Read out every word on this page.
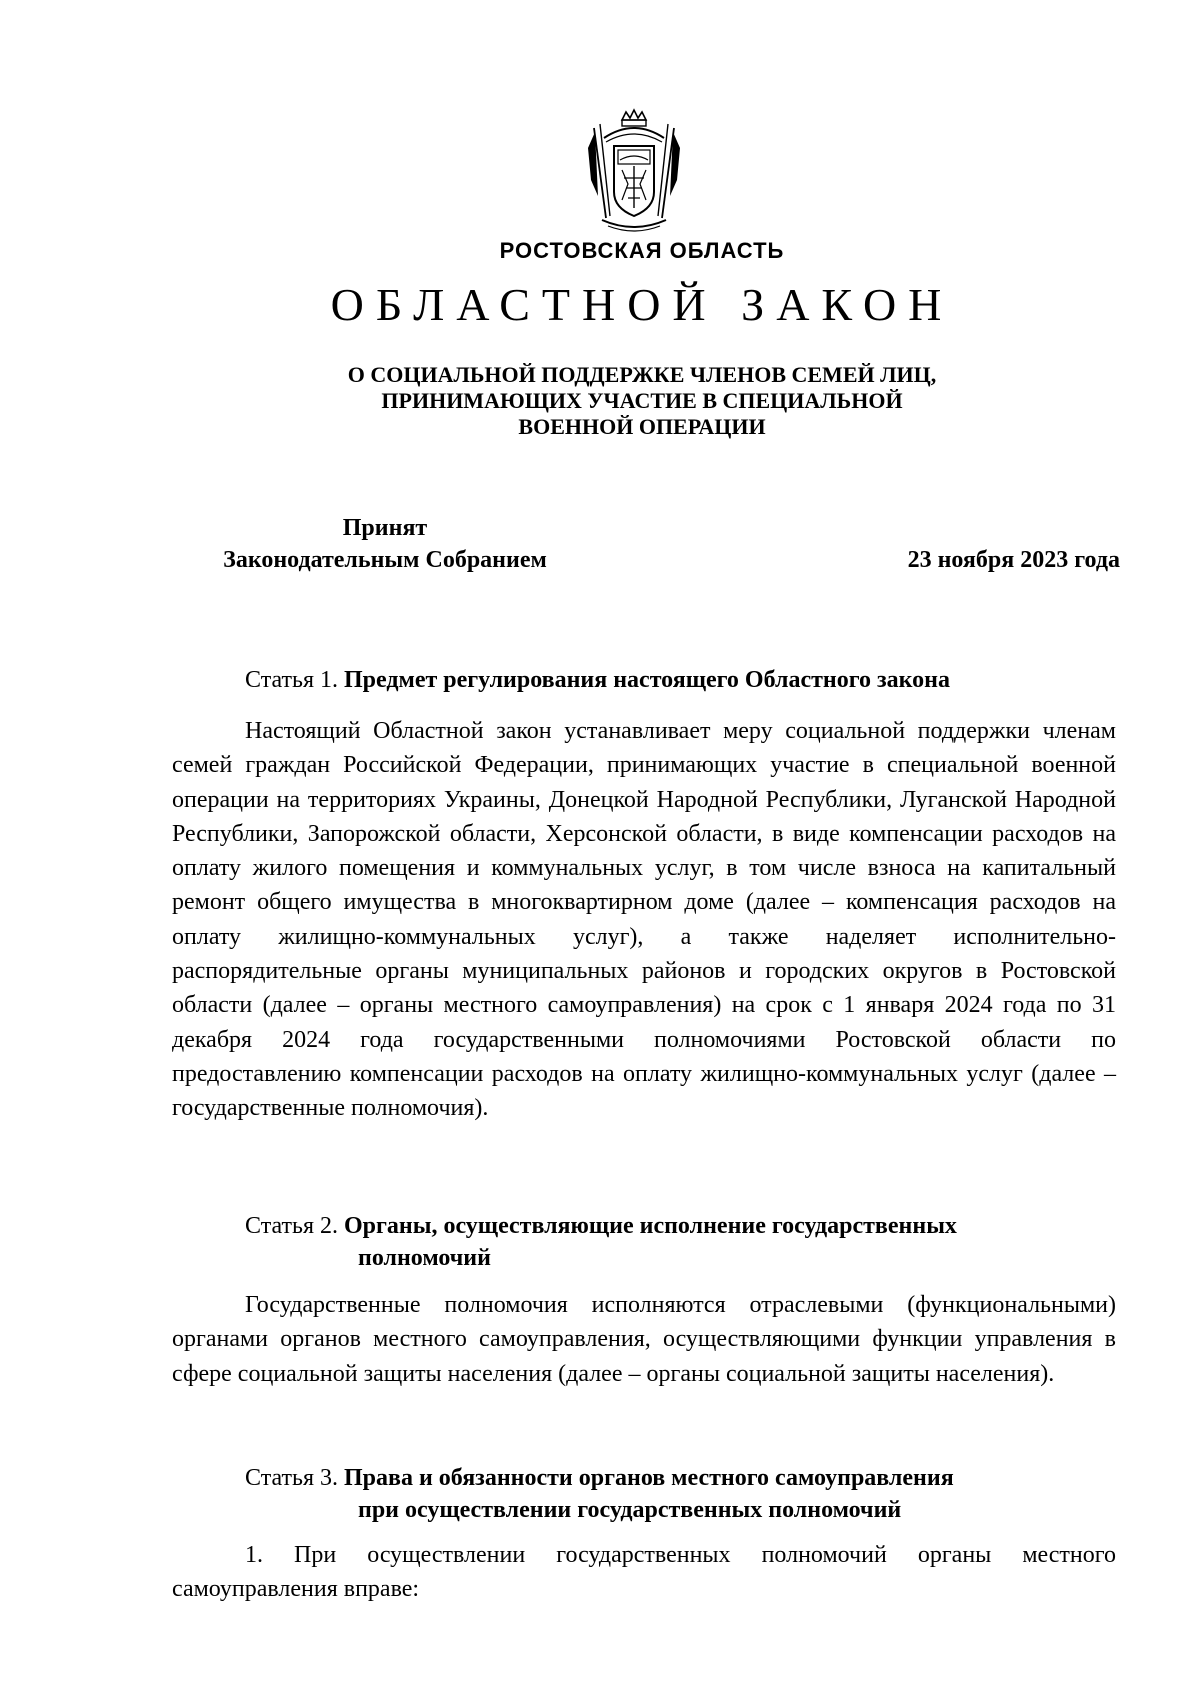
РОСТОВСКАЯ ОБЛАСТЬ
ОБЛАСТНОЙ ЗАКОН
О СОЦИАЛЬНОЙ ПОДДЕРЖКЕ ЧЛЕНОВ СЕМЕЙ ЛИЦ,
ПРИНИМАЮЩИХ УЧАСТИЕ В СПЕЦИАЛЬНОЙ
ВОЕННОЙ ОПЕРАЦИИ
Принят
Законодательным Собранием	23 ноября 2023 года
Статья 1. Предмет регулирования настоящего Областного закона

Настоящий Областной закон устанавливает меру социальной поддержки членам семей граждан Российской Федерации, принимающих участие в специальной военной операции на территориях Украины, Донецкой Народной Республики, Луганской Народной Республики, Запорожской области, Херсонской области, в виде компенсации расходов на оплату жилого помещения и коммунальных услуг, в том числе взноса на капитальный ремонт общего имущества в многоквартирном доме (далее – компенсация расходов на оплату жилищно-коммунальных услуг), а также наделяет исполнительно-распорядительные органы муниципальных районов и городских округов в Ростовской области (далее – органы местного самоуправления) на срок с 1 января 2024 года по 31 декабря 2024 года государственными полномочиями Ростовской области по предоставлению компенсации расходов на оплату жилищно-коммунальных услуг (далее – государственные полномочия).

Статья 2. Органы, осуществляющие исполнение государственных
полномочий

Государственные полномочия исполняются отраслевыми (функциональными) органами органов местного самоуправления, осуществляющими функции управления в сфере социальной защиты населения (далее – органы социальной защиты населения).

Статья 3. Права и обязанности органов местного самоуправления
при осуществлении государственных полномочий

1. При осуществлении государственных полномочий органы местного самоуправления вправе:
